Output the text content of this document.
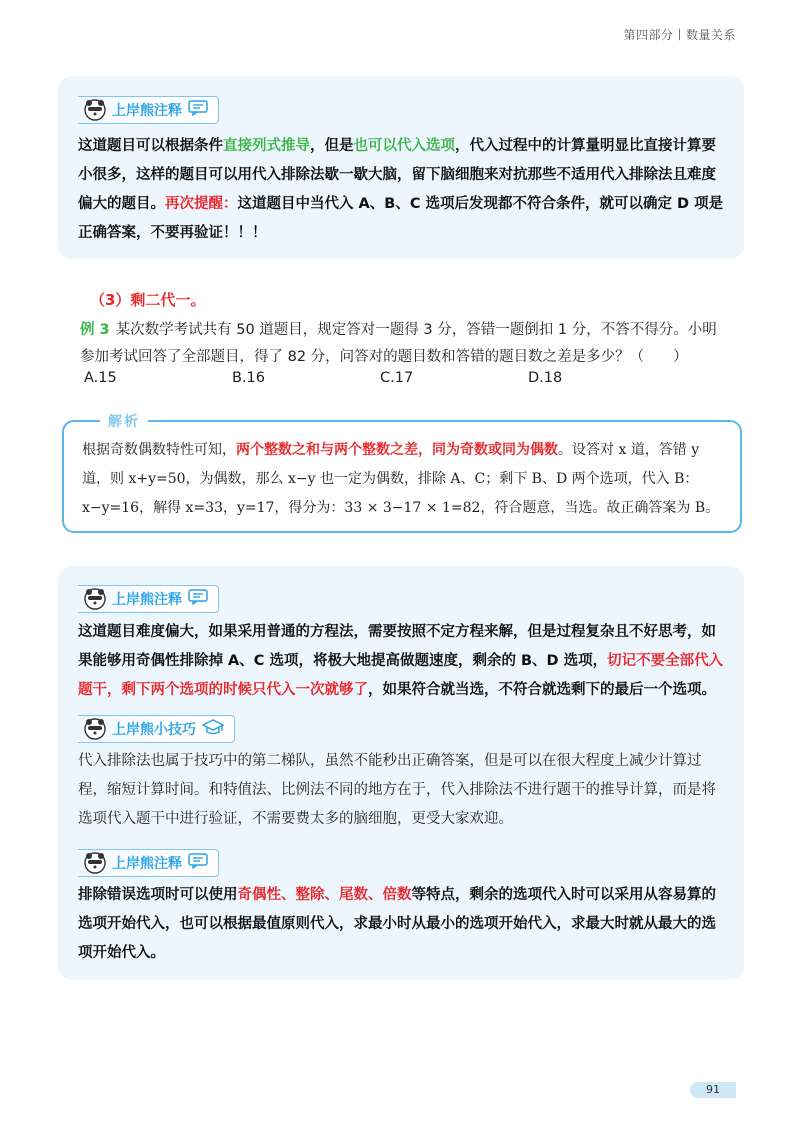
第四部分丨数量关系
上岸熊注释
这道题目可以根据条件直接列式推导，但是也可以代入选项，代入过程中的计算量明显比直接计算要小很多，这样的题目可以用代入排除法歇一歇大脑，留下脑细胞来对抗那些不适用代入排除法且难度偏大的题目。再次提醒：这道题目中当代入 A、B、C 选项后发现都不符合条件，就可以确定 D 项是正确答案，不要再验证！！！
（3）剩二代一。
例 3 某次数学考试共有 50 道题目，规定答对一题得 3 分，答错一题倒扣 1 分，不答不得分。小明参加考试回答了全部题目，得了 82 分，问答对的题目数和答错的题目数之差是多少？（　　）
A.15	B.16	C.17	D.18
解析
根据奇数偶数特性可知，两个整数之和与两个整数之差，同为奇数或同为偶数。设答对 x 道，答错 y 道，则 x+y=50，为偶数，那么 x−y 也一定为偶数，排除 A、C；剩下 B、D 两个选项，代入 B：x−y=16，解得 x=33，y=17，得分为：33 × 3−17 × 1=82，符合题意，当选。故正确答案为 B。
上岸熊注释
这道题目难度偏大，如果采用普通的方程法，需要按照不定方程来解，但是过程复杂且不好思考，如果能够用奇偶性排除掉 A、C 选项，将极大地提高做题速度，剩余的 B、D 选项，切记不要全部代入题干，剩下两个选项的时候只代入一次就够了，如果符合就当选，不符合就选剩下的最后一个选项。
上岸熊小技巧
代入排除法也属于技巧中的第二梯队，虽然不能秒出正确答案，但是可以在很大程度上减少计算过程，缩短计算时间。和特值法、比例法不同的地方在于，代入排除法不进行题干的推导计算，而是将选项代入题干中进行验证，不需要费太多的脑细胞，更受大家欢迎。
上岸熊注释
排除错误选项时可以使用奇偶性、整除、尾数、倍数等特点，剩余的选项代入时可以采用从容易算的选项开始代入，也可以根据最值原则代入，求最小时从最小的选项开始代入，求最大时就从最大的选项开始代入。
91
